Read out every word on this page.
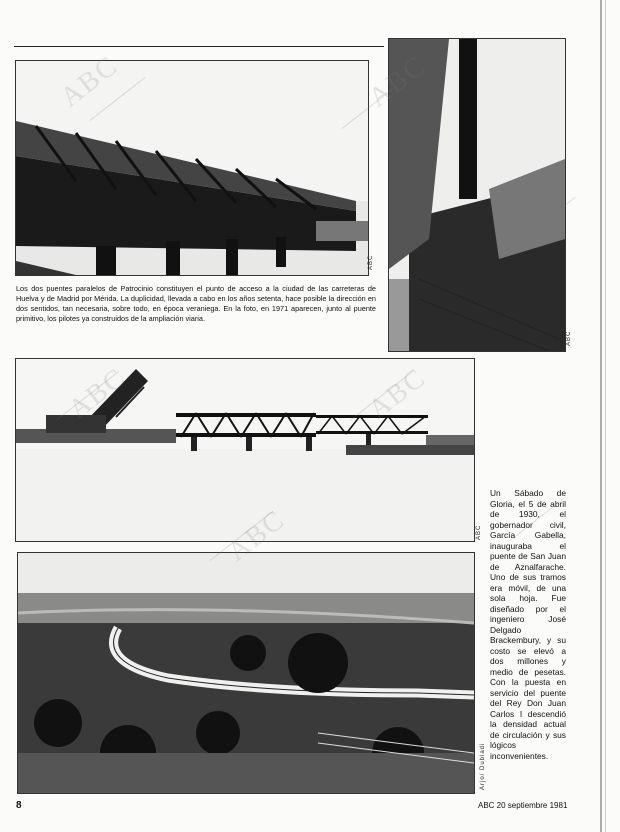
ABC
Los dos puentes paralelos de Patrocinio constituyen el punto de acceso a la ciudad de las carreteras de Huelva y de Madrid por Mérida. La duplicidad, llevada a cabo en los años setenta, hace posible la dirección en dos sentidos, tan necesaria, sobre todo, en época veraniega. En la foto, en 1971 aparecen, junto al puente primitivo, los pilotes ya construidos de la ampliación viaria.
ABC
ABC
Arjo/ Dubladi
Un Sábado de Gloria, el 5 de abril de 1930, el gobernador civil, García Gabella, inauguraba el puente de San Juan de Aznalfarache. Uno de sus tramos era móvil, de una sola hoja. Fue diseñado por el ingeniero José Delgado Brackembury, y su costo se elevó a dos millones y medio de pesetas. Con la puesta en servicio del puente del Rey Don Juan Carlos I descendió la densidad actual de circulación y sus lógicos inconvenientes.
8	ABC 20 septiembre 1981
